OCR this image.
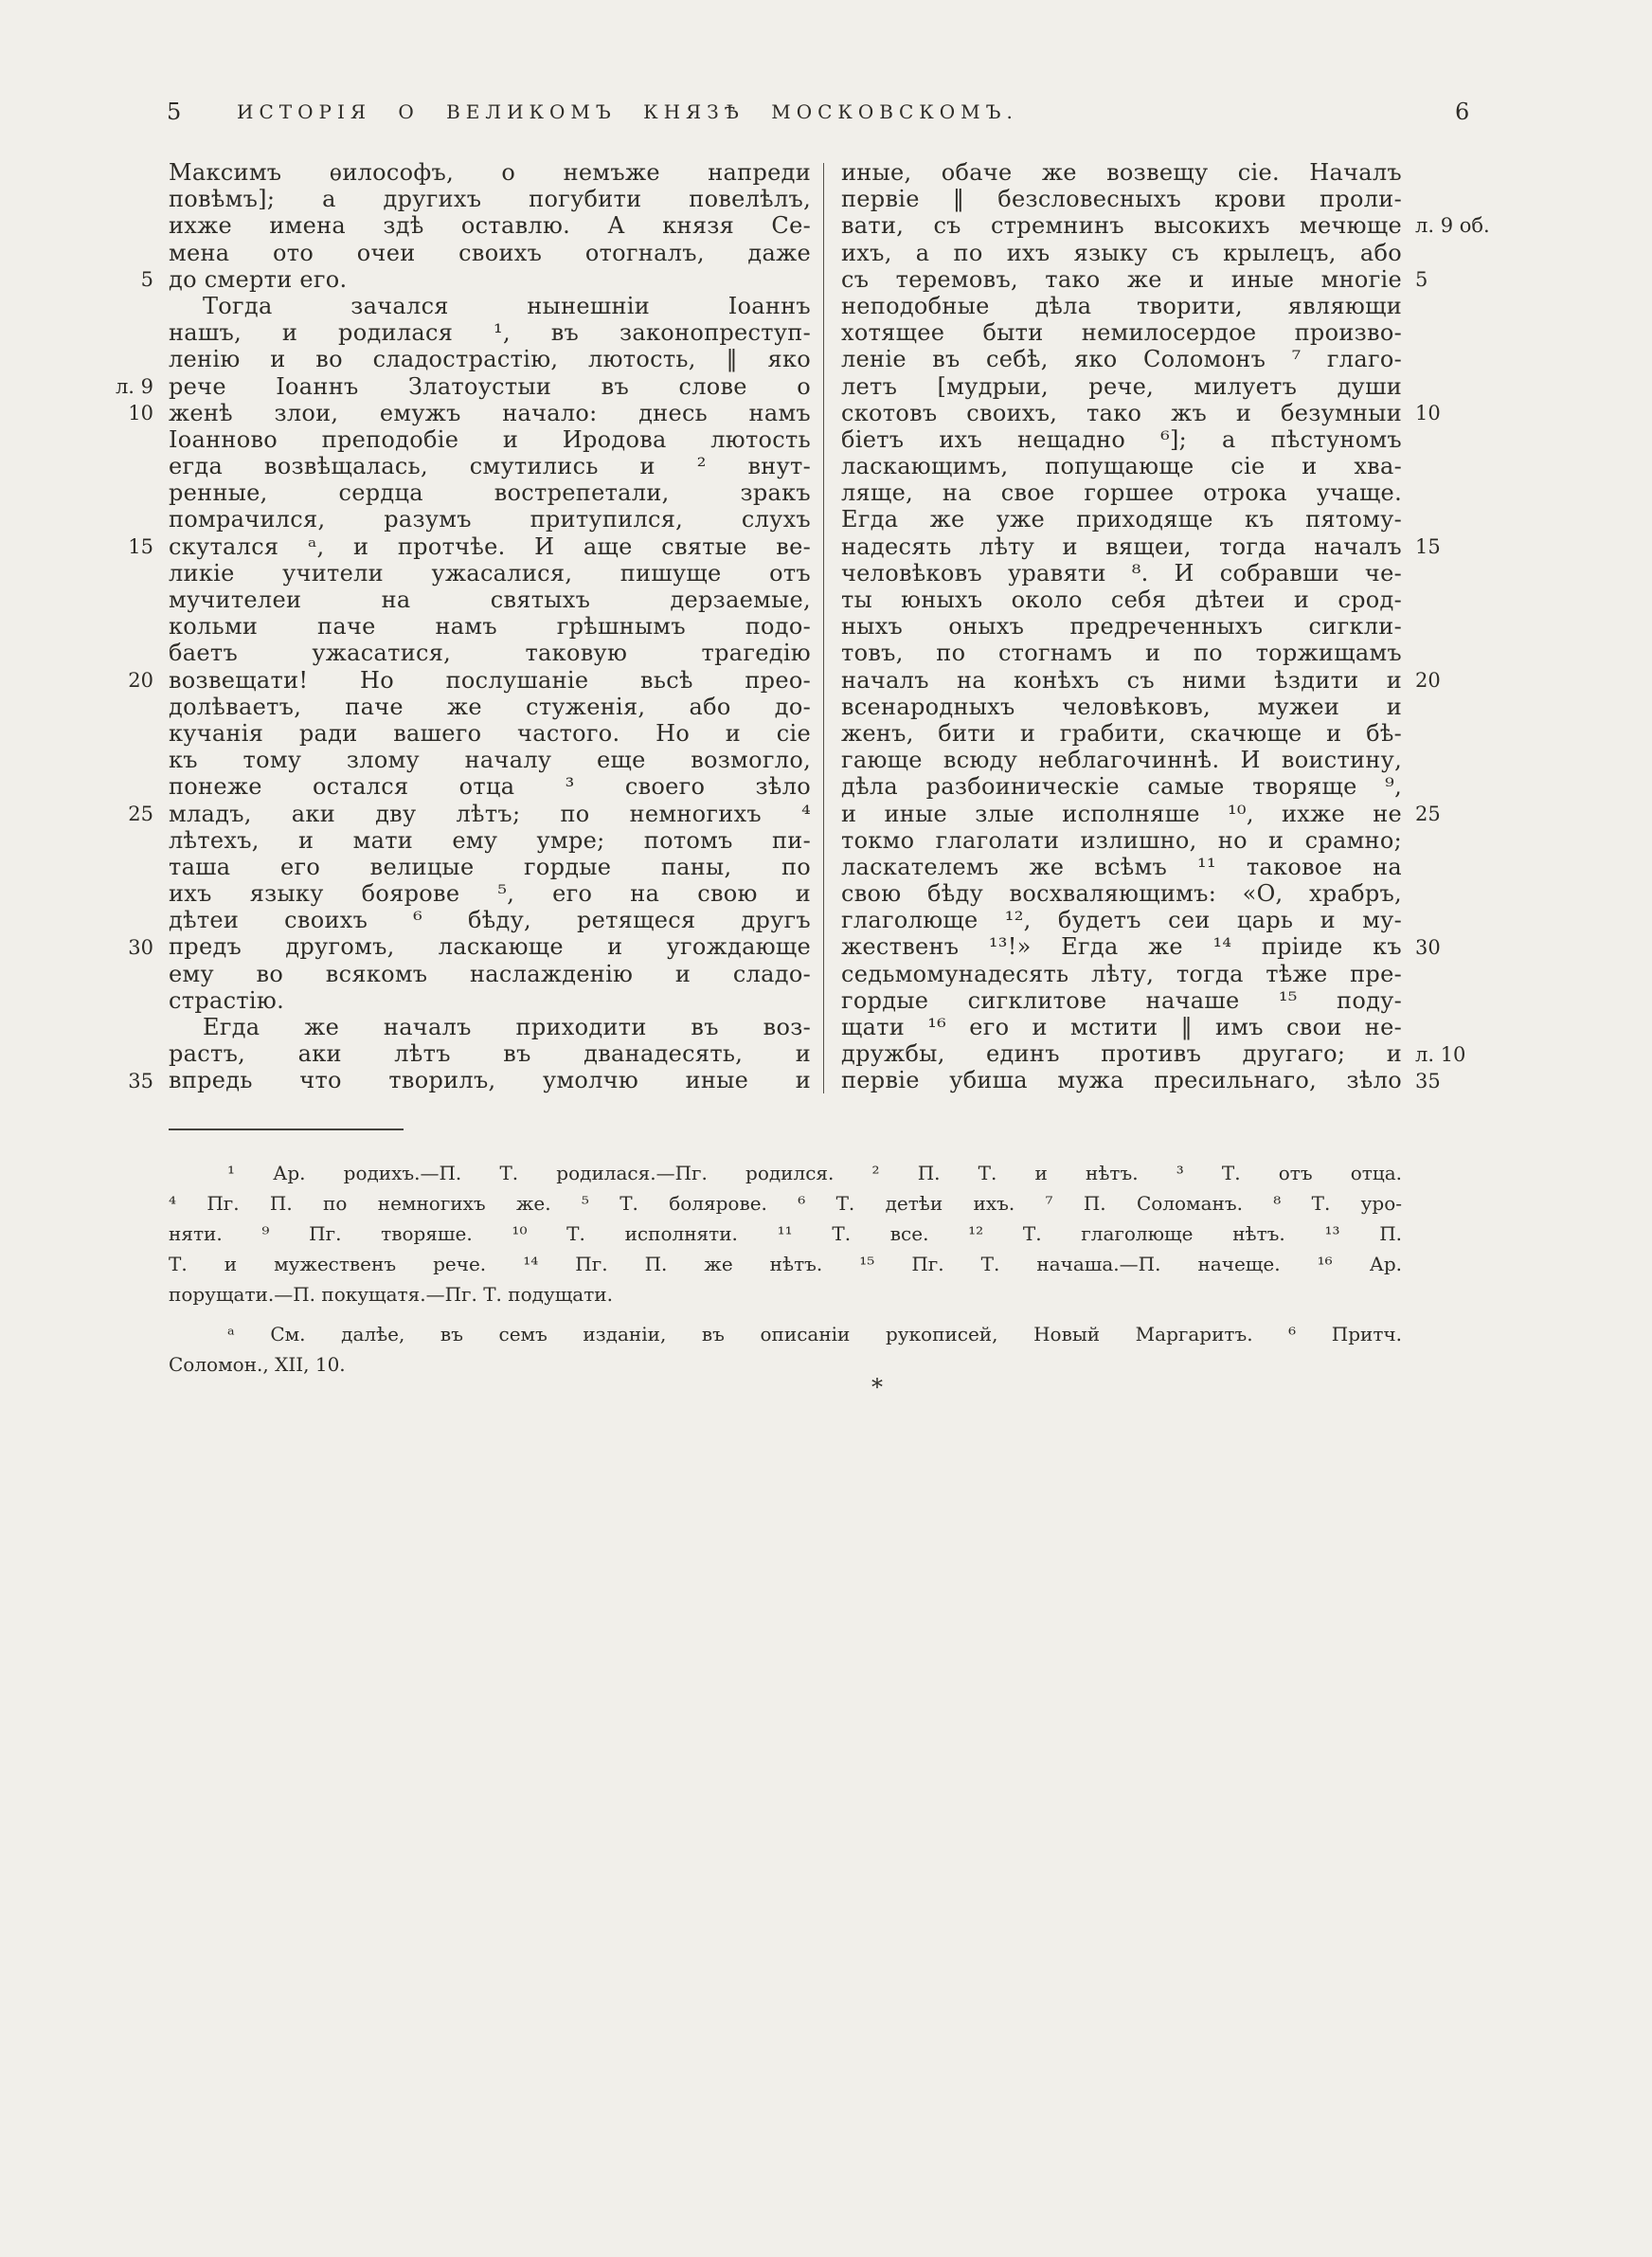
5	ИСТОРІЯ О ВЕЛИКОМЪ КНЯЗѢ МОСКОВСКОМЪ.	6
5
л. 9
10
15
20
25
30
35
Максимъ ѳилософъ, о немъже напреди
повѣмъ]; а другихъ погубити повелѣлъ,
ихже имена здѣ оставлю. А князя Се-
мена ото очеи своихъ отогналъ, даже
до смерти его.
Тогда зачался нынешніи Іоаннъ
нашъ, и родилася ¹, въ законопреступ-
ленію и во сладострастію, лютость, ‖ яко
рече Іоаннъ Златоустыи въ слове о
женѣ злои, емужъ начало: днесь намъ
Іоанново преподобіе и Иродова лютость
егда возвѣщалась, смутились и ² внут-
ренные, сердца вострепетали, зракъ
помрачился, разумъ притупился, слухъ
скутался ᵃ, и протчѣе. И аще святые ве-
ликіе учители ужасалися, пишуще отъ
мучителеи на святыхъ дерзаемые,
кольми паче намъ грѣшнымъ подо-
баетъ ужасатися, таковую трагедію
возвещати! Но послушаніе вьсѣ прео-
долѣваетъ, паче же стуженія, або до-
кучанія ради вашего частого. Но и сіе
къ тому злому началу еще возмогло,
понеже остался отца ³ своего зѣло
младъ, аки дву лѣтъ; по немногихъ ⁴
лѣтехъ, и мати ему умре; потомъ пи-
таша его велицые гордые паны, по
ихъ языку боярове ⁵, его на свою и
дѣтеи своихъ ⁶ бѣду, ретящеся другъ
предъ другомъ, ласкающе и угождающе
ему во всякомъ наслажденію и сладо-
страстію.
Егда же началъ приходити въ воз-
растъ, аки лѣтъ въ дванадесять, и
впредь что творилъ, умолчю иные и
иные, обаче же возвещу сіе. Началъ
первіе ‖ безсловесныхъ крови проли-
вати, съ стремнинъ высокихъ мечюще
ихъ, а по ихъ языку съ крылецъ, або
съ теремовъ, тако же и иные многіе
неподобные дѣла творити, являющи
хотящее быти немилосердое произво-
леніе въ себѣ, яко Соломонъ ⁷ глаго-
летъ [мудрыи, рече, милуетъ души
скотовъ своихъ, тако жъ и безумныи
біетъ ихъ нещадно ⁶]; а пѣстуномъ
ласкающимъ, попущающе сіе и хва-
ляще, на свое горшее отрока учаще.
Егда же уже приходяще къ пятому-
надесять лѣту и вящеи, тогда началъ
человѣковъ уравяти ⁸. И собравши че-
ты юныхъ около себя дѣтеи и срод-
ныхъ оныхъ предреченныхъ сигкли-
товъ, по стогнамъ и по торжищамъ
началъ на конѣхъ съ ними ѣздити и
всенародныхъ человѣковъ, мужеи и
женъ, бити и грабити, скачюще и бѣ-
гающе всюду неблагочиннѣ. И воистину,
дѣла разбоиническіе самые творяще ⁹,
и иные злые исполняше ¹⁰, ихже не
токмо глаголати излишно, но и срамно;
ласкателемъ же всѣмъ ¹¹ таковое на
свою бѣду восхваляющимъ: «О, храбръ,
глаголюще ¹², будетъ сеи царь и му-
жественъ ¹³!» Егда же ¹⁴ пріиде къ
седьмомунадесять лѣту, тогда тѣже пре-
гордые сигклитове начаше ¹⁵ поду-
щати ¹⁶ его и мстити ‖ имъ свои не-
дружбы, единъ противъ другаго; и
первіе убиша мужа пресильнаго, зѣло
л. 9 об.
5
10
15
20
25
30
л. 10
35
¹ Ар. родихъ.—П. Т. родилася.—Пг. родился. ² П. Т. и нѣтъ. ³ Т. отъ отца.
⁴ Пг. П. по немногихъ же. ⁵ Т. болярове. ⁶ Т. детѣи ихъ. ⁷ П. Соломанъ. ⁸ Т. уро-
няти. ⁹ Пг. творяше. ¹⁰ Т. исполняти. ¹¹ Т. все. ¹² Т. глаголюще нѣтъ. ¹³ П.
Т. и мужественъ рече. ¹⁴ Пг. П. же нѣтъ. ¹⁵ Пг. Т. начаша.—П. начеще. ¹⁶ Ар.
порущати.—П. покущатя.—Пг. Т. подущати.
ᵃ См. далѣе, въ семъ изданіи, въ описаніи рукописей, Новый Маргаритъ. ⁶ Притч.
Соломон., XII, 10.
*
